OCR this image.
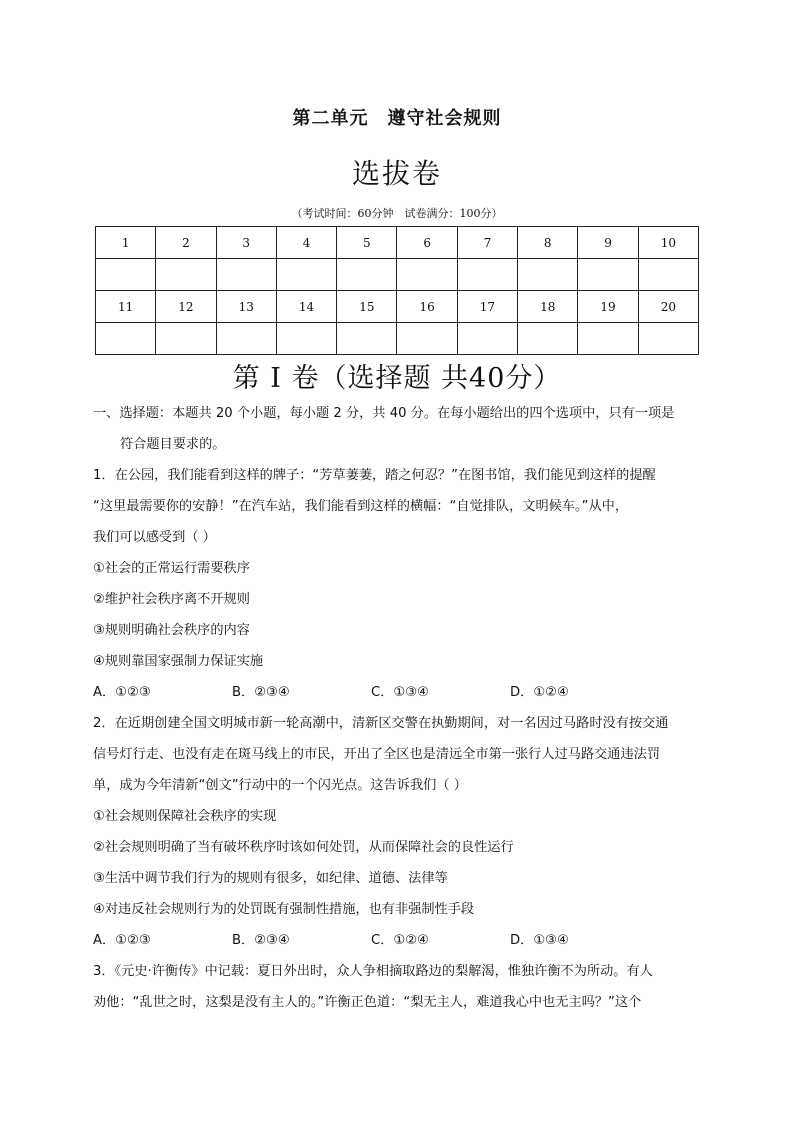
第二单元　遵守社会规则
选拔卷
（考试时间：60分钟　试卷满分：100分）
1	2	3	4	5	6	7	8	9	10

11	12	13	14	15	16	17	18	19	20

第 I 卷（选择题 共40分）
一、选择题：本题共 20 个小题，每小题 2 分，共 40 分。在每小题给出的四个选项中，只有一项是
符合题目要求的。
1．在公园，我们能看到这样的牌子：“芳草萋萋，踏之何忍？”在图书馆，我们能见到这样的提醒
“这里最需要你的安静！”在汽车站，我们能看到这样的横幅：“自觉排队，文明候车。”从中，
我们可以感受到（ ）
①社会的正常运行需要秩序
②维护社会秩序离不开规则
③规则明确社会秩序的内容
④规则靠国家强制力保证实施
A．①②③	B．②③④	C．①③④	D．①②④
2．在近期创建全国文明城市新一轮高潮中，清新区交警在执勤期间，对一名因过马路时没有按交通
信号灯行走、也没有走在斑马线上的市民，开出了全区也是清远全市第一张行人过马路交通违法罚
单，成为今年清新“创文”行动中的一个闪光点。这告诉我们（ ）
①社会规则保障社会秩序的实现
②社会规则明确了当有破坏秩序时该如何处罚，从而保障社会的良性运行
③生活中调节我们行为的规则有很多，如纪律、道德、法律等
④对违反社会规则行为的处罚既有强制性措施，也有非强制性手段
A．①②③	B．②③④	C．①②④	D．①③④
3．《元史·许衡传》中记载：夏日外出时，众人争相摘取路边的梨解渴，惟独许衡不为所动。有人
劝他：“乱世之时，这梨是没有主人的。”许衡正色道：“梨无主人，难道我心中也无主吗？”这个
